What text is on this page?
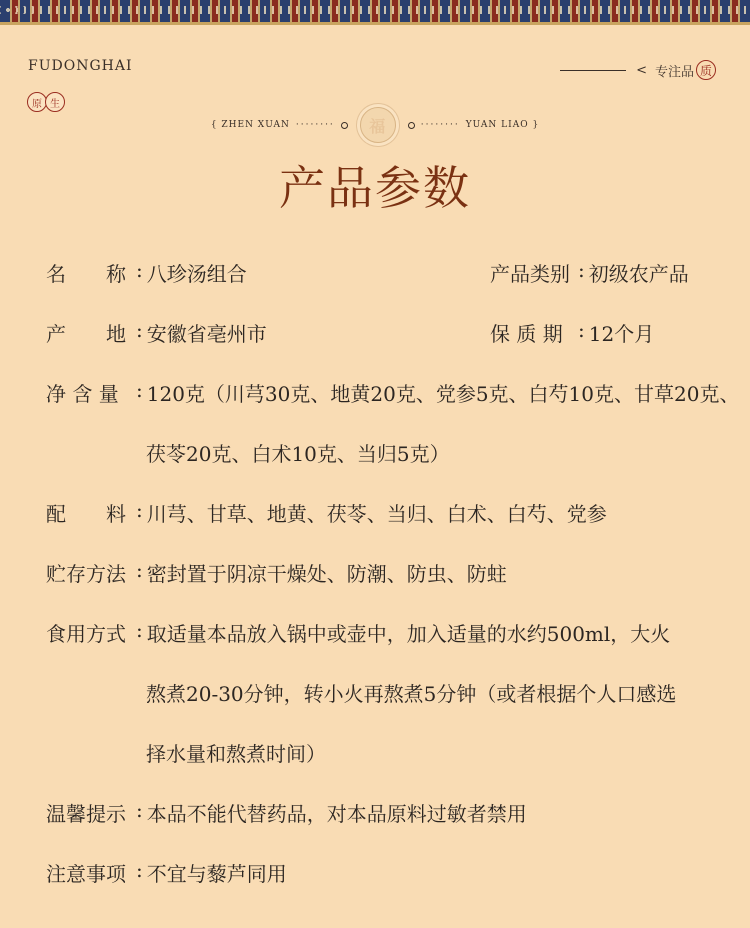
FUDONGHAI
原 生
< 专注品 质
{ ZHEN XUAN ········	福	········ YUAN LIAO }
产品参数
名　　称 : 八珍汤组合	产品类别 : 初级农产品
产　　地 : 安徽省亳州市	保 质 期 : 12个月
净 含 量 : 120克（川芎30克、地黄20克、党参5克、白芍10克、甘草20克、
茯苓20克、白术10克、当归5克）
配　　料 : 川芎、甘草、地黄、茯苓、当归、白术、白芍、党参
贮存方法 : 密封置于阴凉干燥处、防潮、防虫、防蛀
食用方式 : 取适量本品放入锅中或壶中，加入适量的水约500ml，大火
熬煮20-30分钟，转小火再熬煮5分钟（或者根据个人口感选
择水量和熬煮时间）
温馨提示 : 本品不能代替药品，对本品原料过敏者禁用
注意事项 : 不宜与藜芦同用
